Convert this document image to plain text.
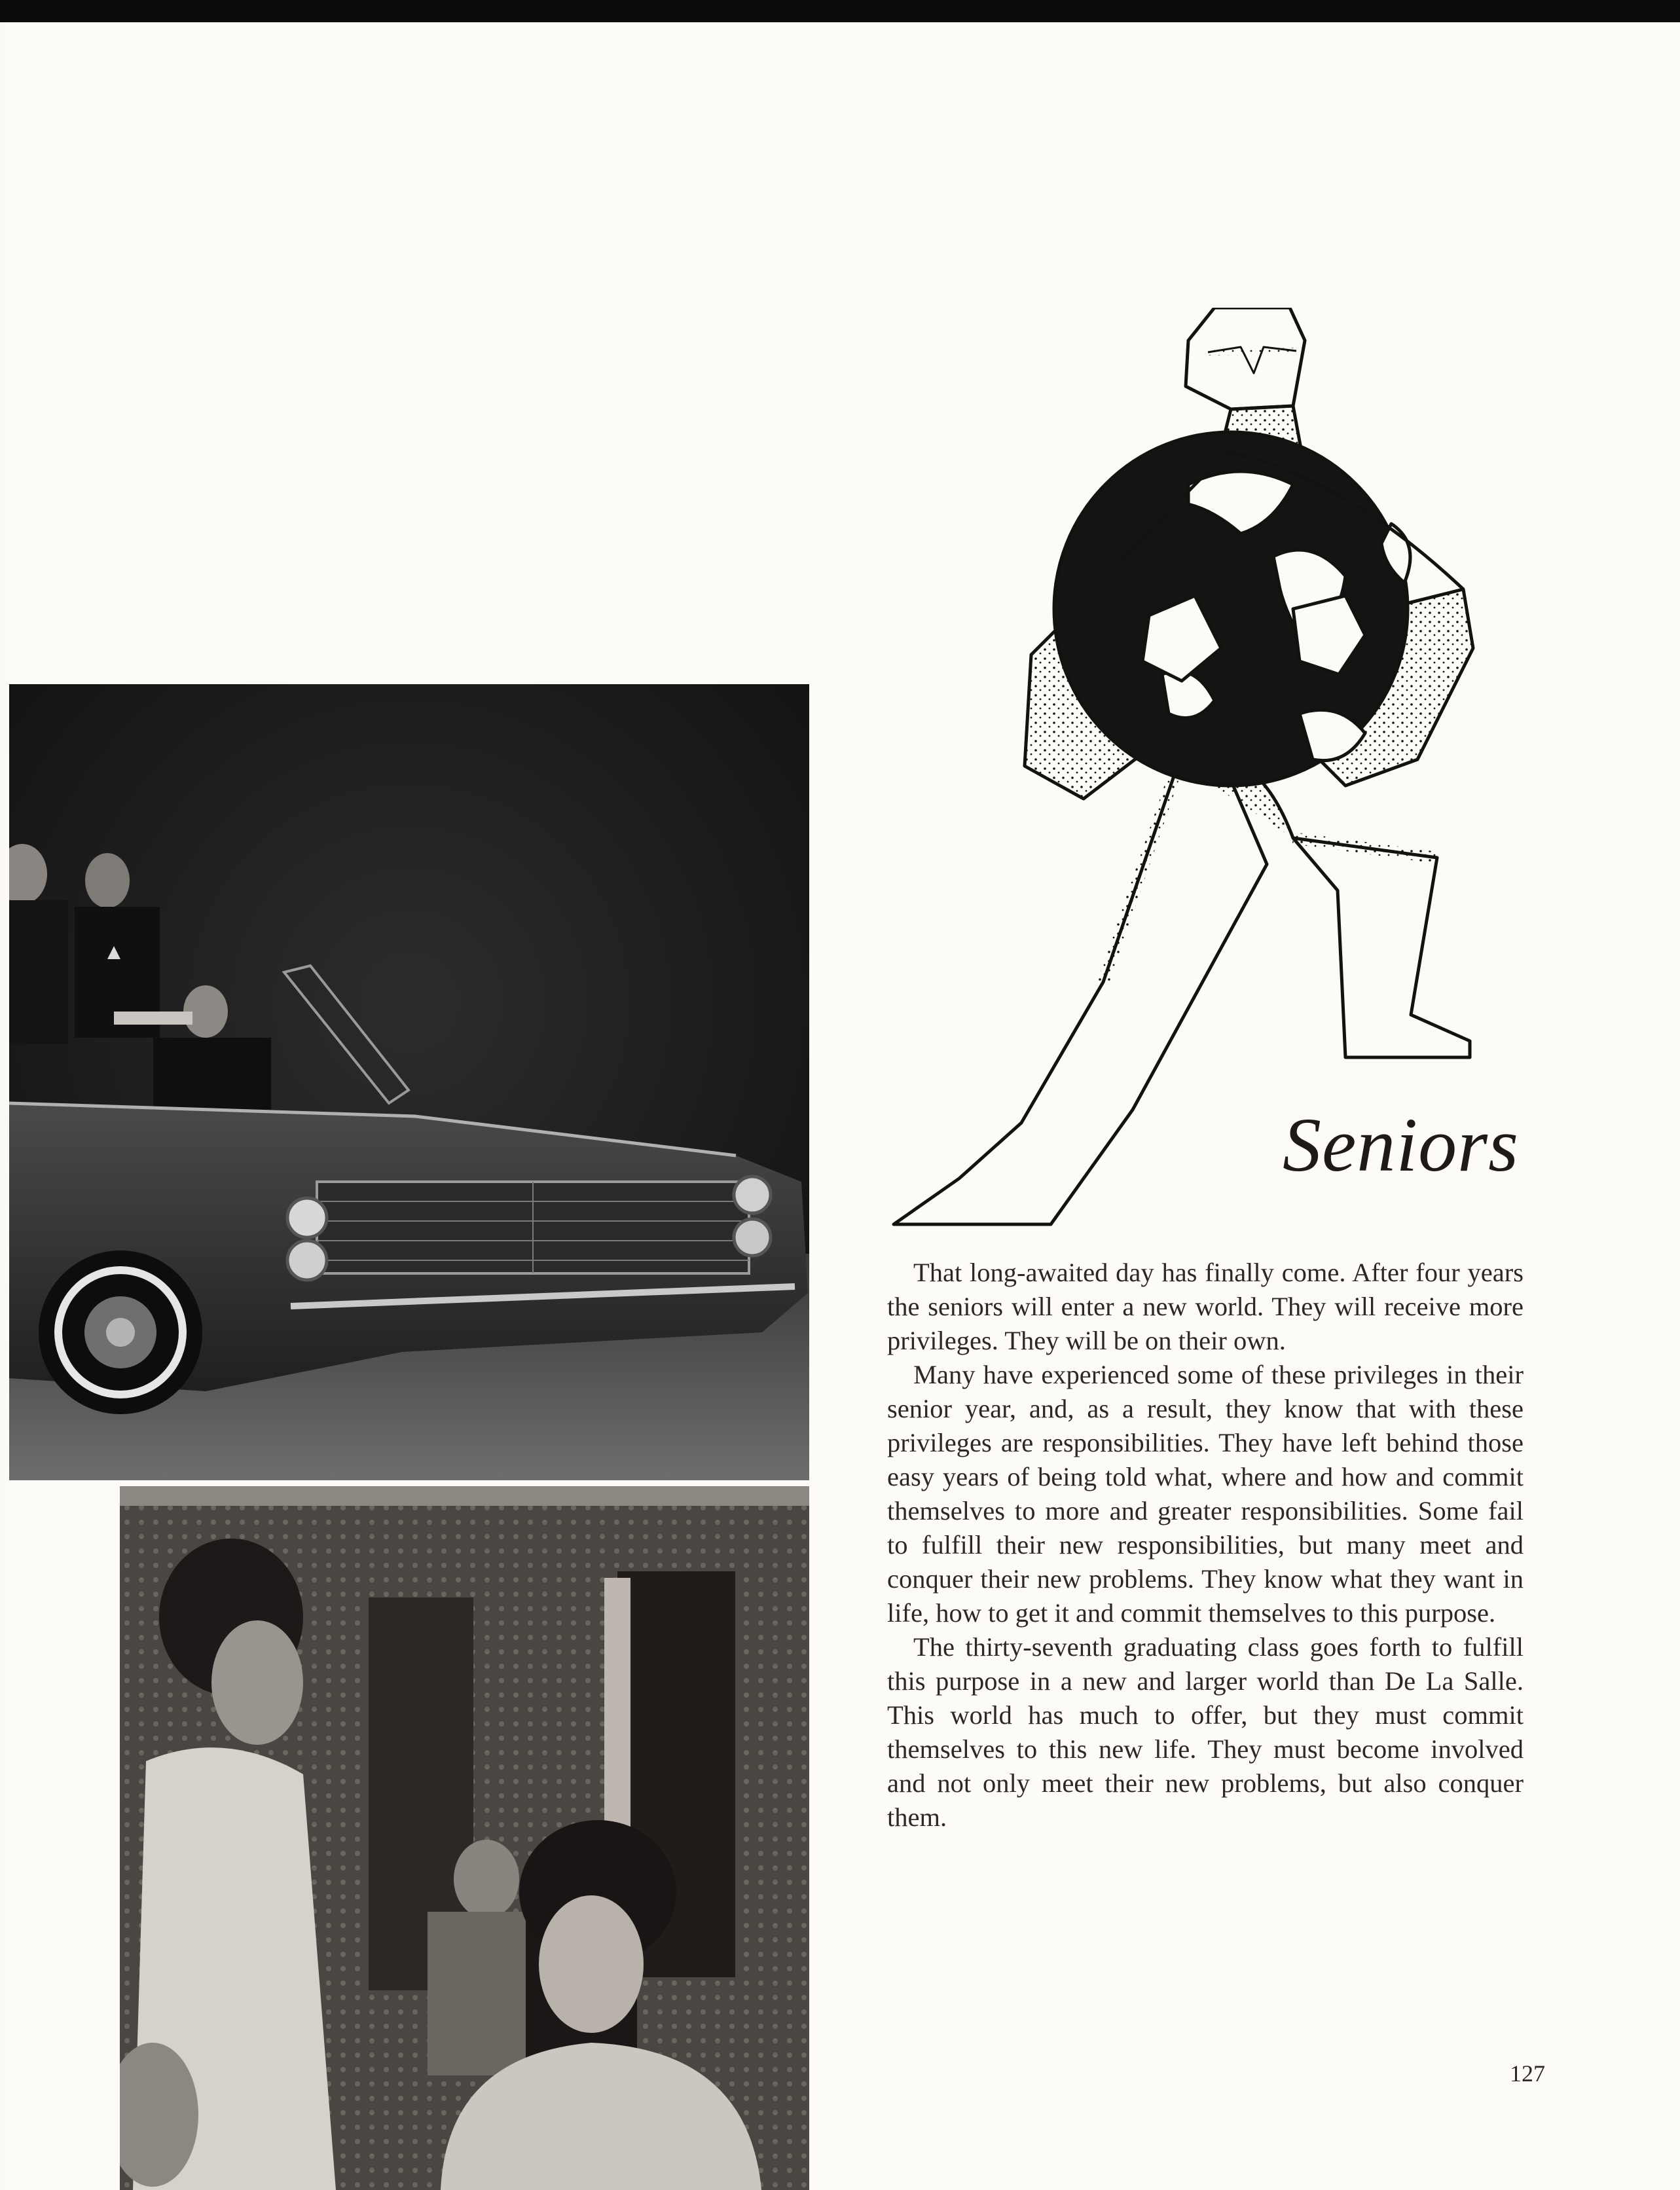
Seniors

That long-awaited day has finally come. After four years the seniors will enter a new world. They will receive more privileges. They will be on their own.

Many have experienced some of these privileges in their senior year, and, as a result, they know that with these privileges are responsibilities. They have left behind those easy years of being told what, where and how and commit themselves to more and greater responsibilities. Some fail to fulfill their new responsibilities, but many meet and conquer their new problems. They know what they want in life, how to get it and commit themselves to this purpose.

The thirty-seventh graduating class goes forth to fulfill this purpose in a new and larger world than De La Salle. This world has much to offer, but they must commit themselves to this new life. They must become involved and not only meet their new problems, but also conquer them.

127
